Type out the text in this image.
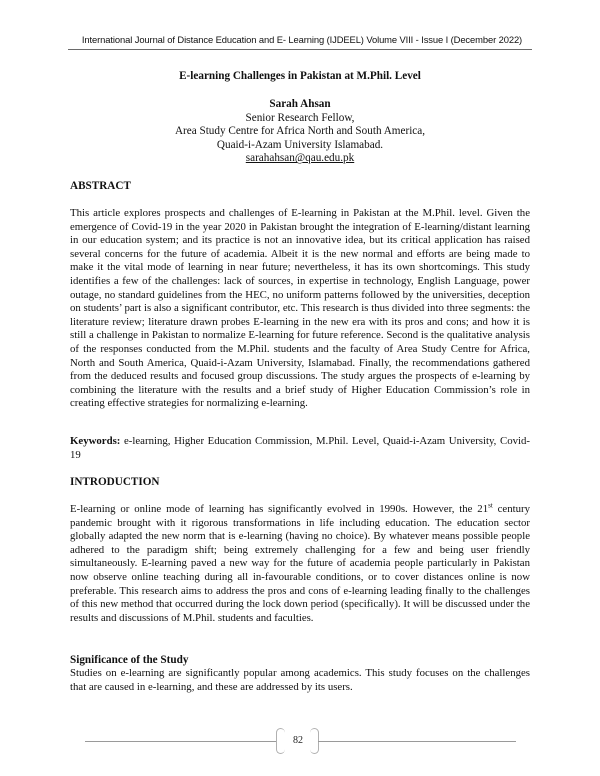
International Journal of Distance Education and E- Learning (IJDEEL) Volume VIII - Issue I (December 2022)
E-learning Challenges in Pakistan at M.Phil. Level
Sarah Ahsan
Senior Research Fellow,
Area Study Centre for Africa North and South America,
Quaid-i-Azam University Islamabad.
sarahahsan@qau.edu.pk
ABSTRACT
This article explores prospects and challenges of E-learning in Pakistan at the M.Phil. level. Given the emergence of Covid-19 in the year 2020 in Pakistan brought the integration of E-learning/distant learning in our education system; and its practice is not an innovative idea, but its critical application has raised several concerns for the future of academia. Albeit it is the new normal and efforts are being made to make it the vital mode of learning in near future; nevertheless, it has its own shortcomings. This study identifies a few of the challenges: lack of sources, in expertise in technology, English Language, power outage, no standard guidelines from the HEC, no uniform patterns followed by the universities, deception on students’ part is also a significant contributor, etc. This research is thus divided into three segments: the literature review; literature drawn probes E-learning in the new era with its pros and cons; and how it is still a challenge in Pakistan to normalize E-learning for future reference. Second is the qualitative analysis of the responses conducted from the M.Phil. students and the faculty of Area Study Centre for Africa, North and South America, Quaid-i-Azam University, Islamabad. Finally, the recommendations gathered from the deduced results and focused group discussions. The study argues the prospects of e-learning by combining the literature with the results and a brief study of Higher Education Commission’s role in creating effective strategies for normalizing e-learning.
Keywords: e-learning, Higher Education Commission, M.Phil. Level, Quaid-i-Azam University, Covid-19
INTRODUCTION
E-learning or online mode of learning has significantly evolved in 1990s. However, the 21st century pandemic brought with it rigorous transformations in life including education. The education sector globally adapted the new norm that is e-learning (having no choice). By whatever means possible people adhered to the paradigm shift; being extremely challenging for a few and being user friendly simultaneously. E-learning paved a new way for the future of academia people particularly in Pakistan now observe online teaching during all in-favourable conditions, or to cover distances online is now preferable. This research aims to address the pros and cons of e-learning leading finally to the challenges of this new method that occurred during the lock down period (specifically). It will be discussed under the results and discussions of M.Phil. students and faculties.
Significance of the Study
Studies on e-learning are significantly popular among academics. This study focuses on the challenges that are caused in e-learning, and these are addressed by its users.
82
